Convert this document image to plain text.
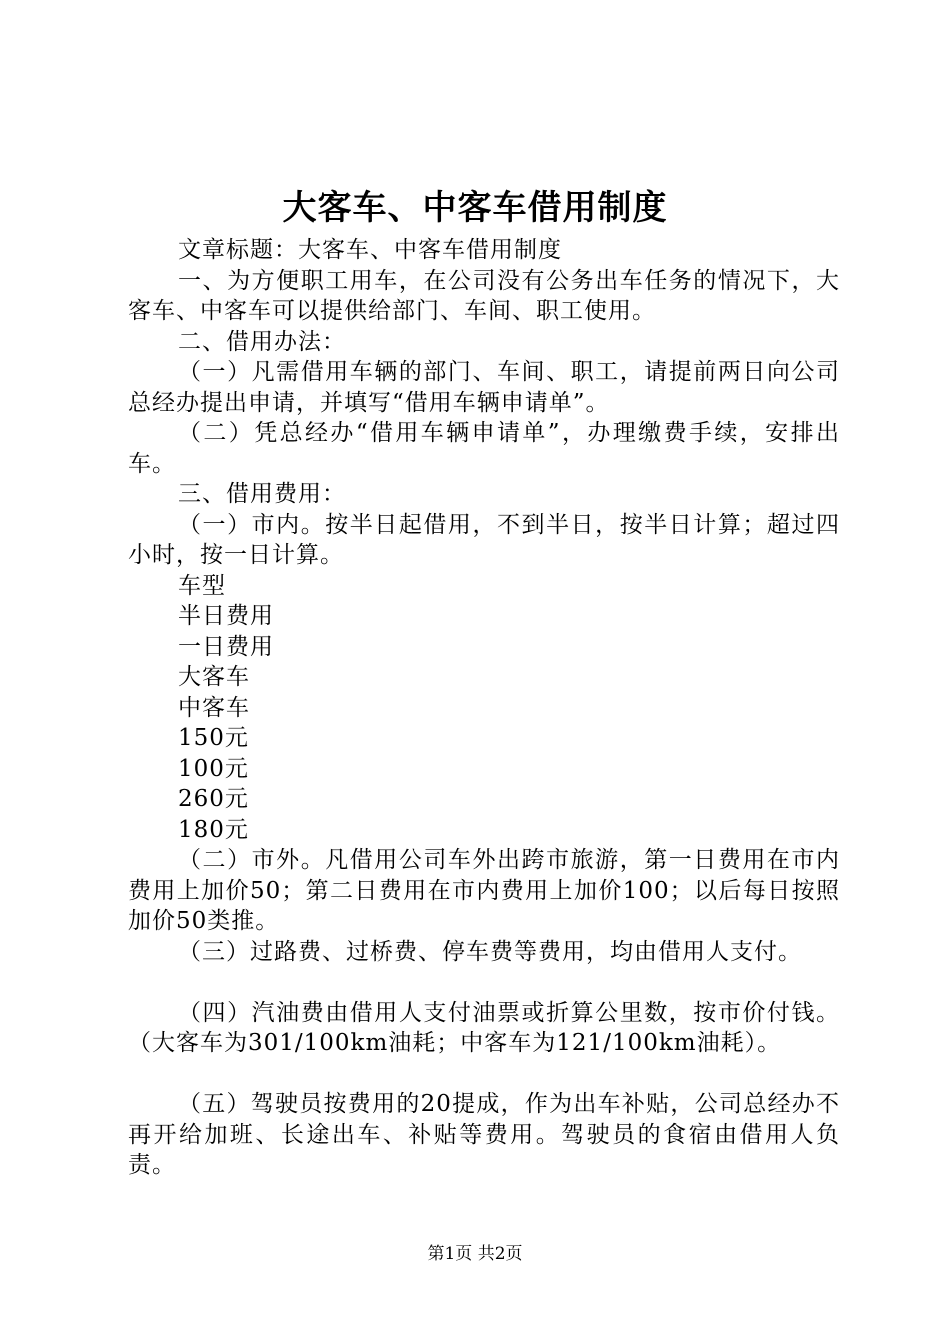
大客车、中客车借用制度

文章标题：大客车、中客车借用制度

一、为方便职工用车，在公司没有公务出车任务的情况下，大客车、中客车可以提供给部门、车间、职工使用。

二、借用办法：

（一）凡需借用车辆的部门、车间、职工，请提前两日向公司总经办提出申请，并填写“借用车辆申请单”。

（二）凭总经办“借用车辆申请单”，办理缴费手续，安排出车。

三、借用费用：

（一）市内。按半日起借用，不到半日，按半日计算；超过四小时，按一日计算。

车型

半日费用

一日费用

大客车

中客车

150元

100元

260元

180元

（二）市外。凡借用公司车外出跨市旅游，第一日费用在市内费用上加价50；第二日费用在市内费用上加价100；以后每日按照加价50类推。

（三）过路费、过桥费、停车费等费用，均由借用人支付。

（四）汽油费由借用人支付油票或折算公里数，按市价付钱。（大客车为301/100km油耗；中客车为121/100km油耗）。

（五）驾驶员按费用的20提成，作为出车补贴，公司总经办不再开给加班、长途出车、补贴等费用。驾驶员的食宿由借用人负责。

第1页 共2页
